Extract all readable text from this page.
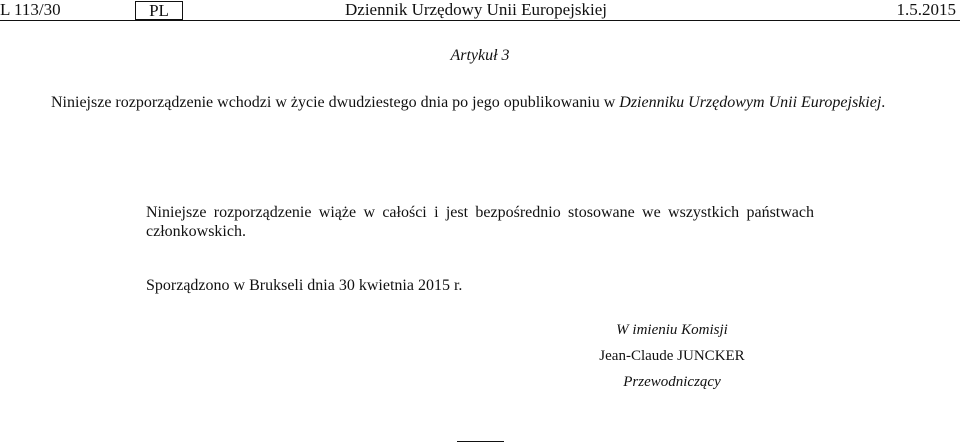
L 113/30	PL	Dziennik Urzędowy Unii Europejskiej	1.5.2015
Artykuł 3
Niniejsze rozporządzenie wchodzi w życie dwudziestego dnia po jego opublikowaniu w Dzienniku Urzędowym Unii Europejskiej.
Niniejsze rozporządzenie wiąże w całości i jest bezpośrednio stosowane we wszystkich państwach członkowskich.
Sporządzono w Brukseli dnia 30 kwietnia 2015 r.
W imieniu Komisji
Jean-Claude JUNCKER
Przewodniczący
